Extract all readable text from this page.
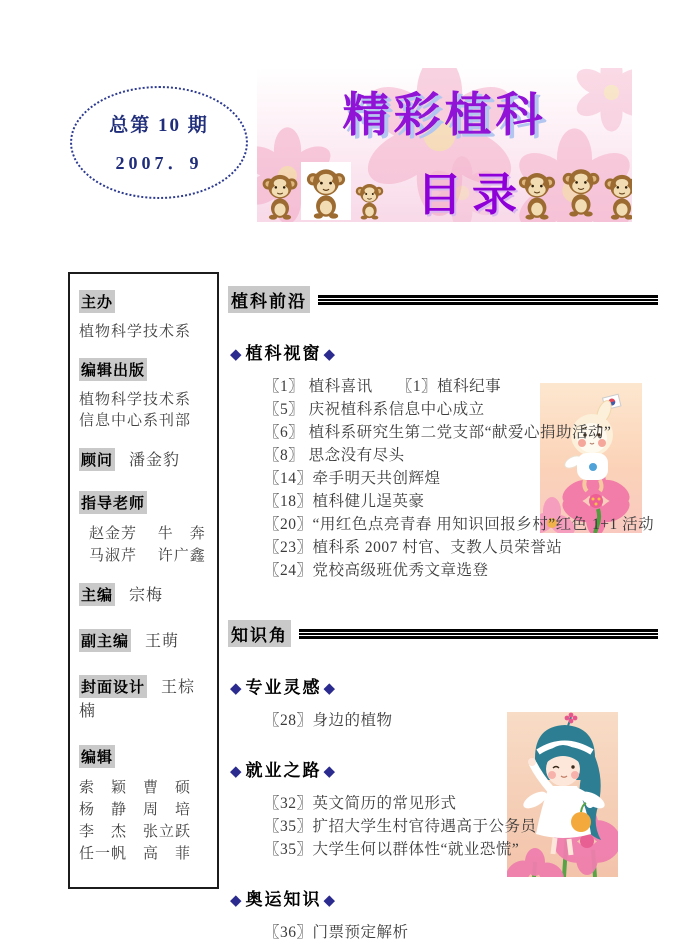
总第 10 期
2007．9
精彩植科
目录
主办
植物科学技术系
编辑出版
植物科学技术系
信息中心系刊部
顾问 潘金豹
指导老师
赵金芳　 牛　奔
马淑芹　 许广鑫
主编 宗梅
副主编 王萌
封面设计 王棕楠
编辑
索　颖　曹　硕
杨　静　周　培
李　杰　张立跃
任一帆　高　菲
植科前沿
◆ 植科视窗 ◆
〖1〗 植科喜讯　　〖1〗植科纪事
〖5〗 庆祝植科系信息中心成立
〖6〗 植科系研究生第二党支部“献爱心捐助活动”
〖8〗 思念没有尽头
〖14〗牵手明天共创辉煌
〖18〗植科健儿逞英豪
〖20〗“用红色点亮青春 用知识回报乡村”红色 1+1 活动
〖23〗植科系 2007 村官、支教人员荣誉站
〖24〗党校高级班优秀文章选登
知识角
◆ 专业灵感 ◆
〖28〗身边的植物
◆ 就业之路 ◆
〖32〗英文简历的常见形式
〖35〗扩招大学生村官待遇高于公务员
〖35〗大学生何以群体性“就业恐慌”
◆ 奥运知识 ◆
〖36〗门票预定解析
